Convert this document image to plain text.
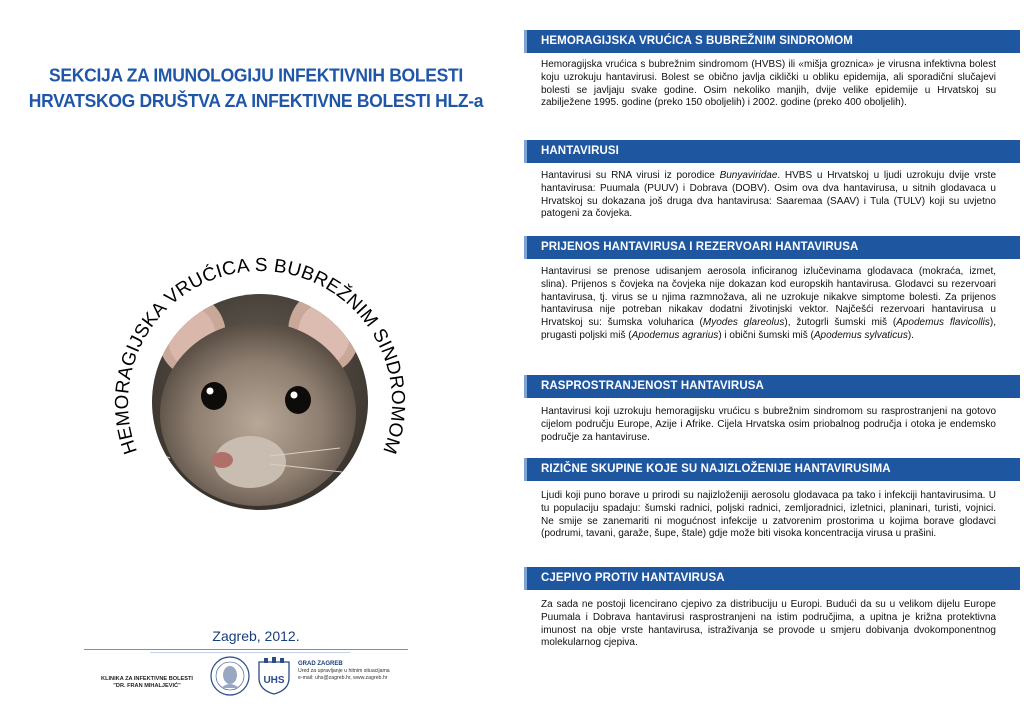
SEKCIJA ZA IMUNOLOGIJU INFEKTIVNIH BOLESTI
HRVATSKOG DRUŠTVA ZA INFEKTIVNE BOLESTI HLZ-a
HEMORAGIJSKA VRUĆICA S BUBREŽNIM SINDROMOM
Zagreb, 2012.
KLINIKA ZA INFEKTIVNE BOLESTI
"DR. FRAN MIHALJEVIĆ"	UHS
GRAD ZAGREB
Ured za upravljanje u hitnim situacijama
e-mail: uhs@zagreb.hr, www.zagreb.hr
HEMORAGIJSKA VRUĆICA S BUBREŽNIM SINDROMOM
Hemoragijska vrućica s bubrežnim sindromom (HVBS) ili «mišja groznica» je virusna infektivna bolest koju uzrokuju hantavirusi. Bolest se obično javlja ciklički u obliku epidemija, ali sporadični slučajevi bolesti se javljaju svake godine. Osim nekoliko manjih, dvije velike epidemije u Hrvatskoj su zabilježene 1995. godine (preko 150 oboljelih) i 2002. godine (preko 400 oboljelih).
HANTAVIRUSI
Hantavirusi su RNA virusi iz porodice Bunyaviridae. HVBS u Hrvatskoj u ljudi uzrokuju dvije vrste hantavirusa: Puumala (PUUV) i Dobrava (DOBV). Osim ova dva hantavirusa, u sitnih glodavaca u Hrvatskoj su dokazana još druga dva hantavirusa: Saaremaa (SAAV) i Tula (TULV) koji su uvjetno patogeni za čovjeka.
PRIJENOS HANTAVIRUSA I REZERVOARI HANTAVIRUSA
Hantavirusi se prenose udisanjem aerosola inficiranog izlučevinama glodavaca (mokraća, izmet, slina). Prijenos s čovjeka na čovjeka nije dokazan kod europskih hantavirusa. Glodavci su rezervoari hantavirusa, tj. virus se u njima razmnožava, ali ne uzrokuje nikakve simptome bolesti. Za prijenos hantavirusa nije potreban nikakav dodatni životinjski vektor. Najčešći rezervoari hantavirusa u Hrvatskoj su: šumska voluharica (Myodes glareolus), žutogrli šumski miš (Apodemus flavicollis), prugasti poljski miš (Apodemus agrarius) i obični šumski miš (Apodemus sylvaticus).
RASPROSTRANJENOST HANTAVIRUSA
Hantavirusi koji uzrokuju hemoragijsku vrućicu s bubrežnim sindromom su rasprostranjeni na gotovo cijelom području Europe, Azije i Afrike. Cijela Hrvatska osim priobalnog područja i otoka je endemsko područje za hantaviruse.
RIZIČNE SKUPINE KOJE SU NAJIZLOŽENIJE HANTAVIRUSIMA
Ljudi koji puno borave u prirodi su najizloženiji aerosolu glodavaca pa tako i infekciji hantavirusima. U tu populaciju spadaju: šumski radnici, poljski radnici, zemljoradnici, izletnici, planinari, turisti, vojnici. Ne smije se zanemariti ni mogućnost infekcije u zatvorenim prostorima u kojima borave glodavci (podrumi, tavani, garaže, šupe, štale) gdje može biti visoka koncentracija virusa u prašini.
CJEPIVO PROTIV HANTAVIRUSA
Za sada ne postoji licencirano cjepivo za distribuciju u Europi. Budući da su u velikom dijelu Europe Puumala i Dobrava hantavirusi rasprostranjeni na istim područjima, a upitna je križna protektivna imunost na obje vrste hantavirusa, istraživanja se provode u smjeru dobivanja dvokomponentnog molekularnog cjepiva.
